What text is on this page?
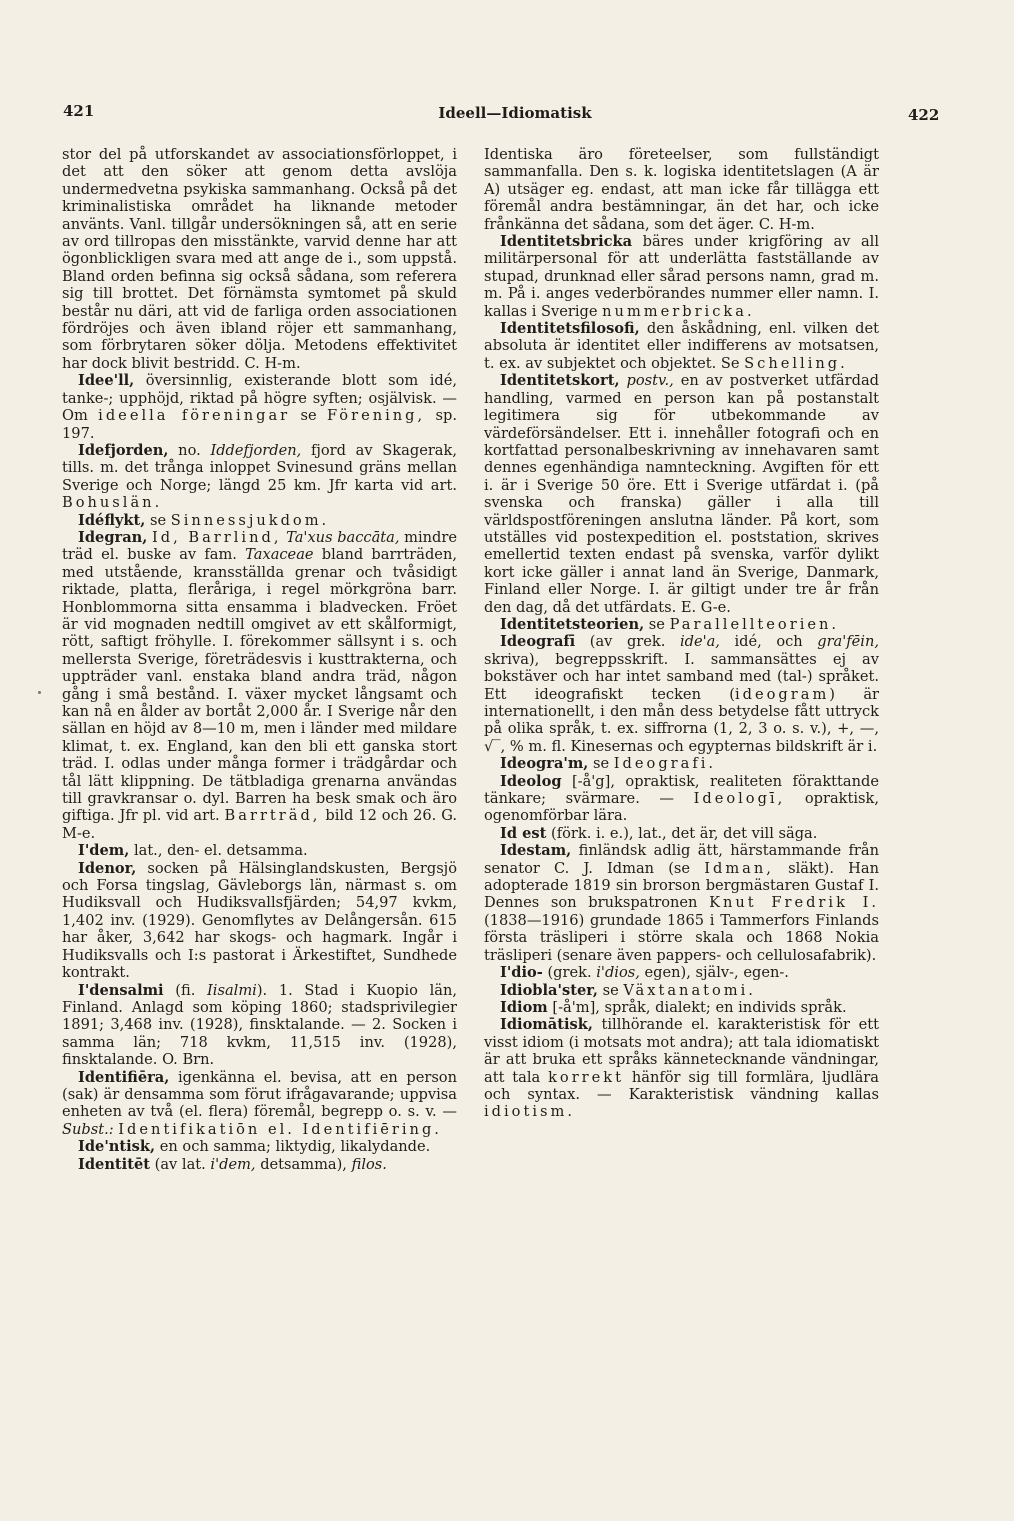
421	Ideell—Idiomatisk	422

stor del på utforskandet av associationsförloppet, i det att den söker att genom detta avslöja undermedvetna psykiska sammanhang. Också på det kriminalistiska området ha liknande metoder använts. Vanl. tillgår undersökningen så, att en serie av ord tillropas den misstänkte, varvid denne har att ögonblickligen svara med att ange de i., som uppstå. Bland orden befinna sig också sådana, som referera sig till brottet. Det förnämsta symtomet på skuld består nu däri, att vid de farliga orden associationen fördröjes och även ibland röjer ett sammanhang, som förbrytaren söker dölja. Metodens effektivitet har dock blivit bestridd. C. H-m.

Idee'll, översinnlig, existerande blott som idé, tanke-; upphöjd, riktad på högre syften; osjälvisk. — Om ideella föreningar se Förening, sp. 197.

Idefjorden, no. Iddefjorden, fjord av Skagerak, tills. m. det trånga inloppet Svinesund gräns mellan Sverige och Norge; längd 25 km. Jfr karta vid art. Bohuslän.

Idéflykt, se Sinnessjukdom.

Idegran, Id, Barrlind, Ta'xus baccāta, mindre träd el. buske av fam. Taxaceae bland barrträden, med utstående, kransställda grenar och tvåsidigt riktade, platta, fleråriga, i regel mörkgröna barr. Honblommorna sitta ensamma i bladvecken. Fröet är vid mognaden nedtill omgivet av ett skålformigt, rött, saftigt fröhylle. I. förekommer sällsynt i s. och mellersta Sverige, företrädesvis i kusttrakterna, och uppträder vanl. enstaka bland andra träd, någon gång i små bestånd. I. växer mycket långsamt och kan nå en ålder av bortåt 2,000 år. I Sverige når den sällan en höjd av 8—10 m, men i länder med mildare klimat, t. ex. England, kan den bli ett ganska stort träd. I. odlas under många former i trädgårdar och tål lätt klippning. De tätbladiga grenarna användas till gravkransar o. dyl. Barren ha besk smak och äro giftiga. Jfr pl. vid art. Barrträd, bild 12 och 26. G. M-e.

I'dem, lat., den- el. detsamma.

Idenor, socken på Hälsinglandskusten, Bergsjö och Forsa tingslag, Gävleborgs län, närmast s. om Hudiksvall och Hudiksvallsfjärden; 54,97 kvkm, 1,402 inv. (1929). Genomflytes av Delångersån. 615 har åker, 3,642 har skogs- och hagmark. Ingår i Hudiksvalls och I:s pastorat i Ärkestiftet, Sundhede kontrakt.

I'densalmi (fi. Iisalmi). 1. Stad i Kuopio län, Finland. Anlagd som köping 1860; stadsprivilegier 1891; 3,468 inv. (1928), finsktalande. — 2. Socken i samma län; 718 kvkm, 11,515 inv. (1928), finsktalande. O. Brn.

Identifiēra, igenkänna el. bevisa, att en person (sak) är densamma som förut ifrågavarande; uppvisa enheten av två (el. flera) föremål, begrepp o. s. v. — Subst.: Identifikatiōn el. Identifiēring.

Ide'ntisk, en och samma; liktydig, likalydande.

Identitēt (av lat. i'dem, detsamma), filos.

Identiska äro företeelser, som fullständigt sammanfalla. Den s. k. logiska identitetslagen (A är A) utsäger eg. endast, att man icke får tillägga ett föremål andra bestämningar, än det har, och icke frånkänna det sådana, som det äger. C. H-m.

Identitetsbricka bäres under krigföring av all militärpersonal för att underlätta fastställande av stupad, drunknad eller sårad persons namn, grad m. m. På i. anges vederbörandes nummer eller namn. I. kallas i Sverige nummerbricka.

Identitetsfilosofi, den åskådning, enl. vilken det absoluta är identitet eller indifferens av motsatsen, t. ex. av subjektet och objektet. Se Schelling.

Identitetskort, postv., en av postverket utfärdad handling, varmed en person kan på postanstalt legitimera sig för utbekommande av värdeförsändelser. Ett i. innehåller fotografi och en kortfattad personalbeskrivning av innehavaren samt dennes egenhändiga namnteckning. Avgiften för ett i. är i Sverige 50 öre. Ett i Sverige utfärdat i. (på svenska och franska) gäller i alla till världspostföreningen anslutna länder. På kort, som utställes vid postexpedition el. poststation, skrives emellertid texten endast på svenska, varför dylikt kort icke gäller i annat land än Sverige, Danmark, Finland eller Norge. I. är giltigt under tre år från den dag, då det utfärdats. E. G-e.

Identitetsteorien, se Parallellteorien.

Ideografī (av grek. ide'a, idé, och gra'fēin, skriva), begreppsskrift. I. sammansättes ej av bokstäver och har intet samband med (tal-) språket. Ett ideografiskt tecken (ideogram) är internationellt, i den mån dess betydelse fått uttryck på olika språk, t. ex. siffrorna (1, 2, 3 o. s. v.), +, —, √‾, % m. fl. Kinesernas och egypternas bildskrift är i.

Ideogra'm, se Ideografi.

Ideolog [-å'g], opraktisk, realiteten förakttande tänkare; svärmare. — Ideologī, opraktisk, ogenomförbar lära.

Id est (förk. i. e.), lat., det är, det vill säga.

Idestam, finländsk adlig ätt, härstammande från senator C. J. Idman (se Idman, släkt). Han adopterade 1819 sin brorson bergmästaren Gustaf I. Dennes son brukspatronen Knut Fredrik I. (1838—1916) grundade 1865 i Tammerfors Finlands första träsliperi i större skala och 1868 Nokia träsliperi (senare även pappers- och cellulosafabrik).

I'dio- (grek. i'dios, egen), själv-, egen-.

Idiobla'ster, se Växtanatomi.

Idiom [-å'm], språk, dialekt; en individs språk.

Idiomātisk, tillhörande el. karakteristisk för ett visst idiom (i motsats mot andra); att tala idiomatiskt är att bruka ett språks kännetecknande vändningar, att tala korrekt hänför sig till formlära, ljudlära och syntax. — Karakteristisk vändning kallas idiotism.
